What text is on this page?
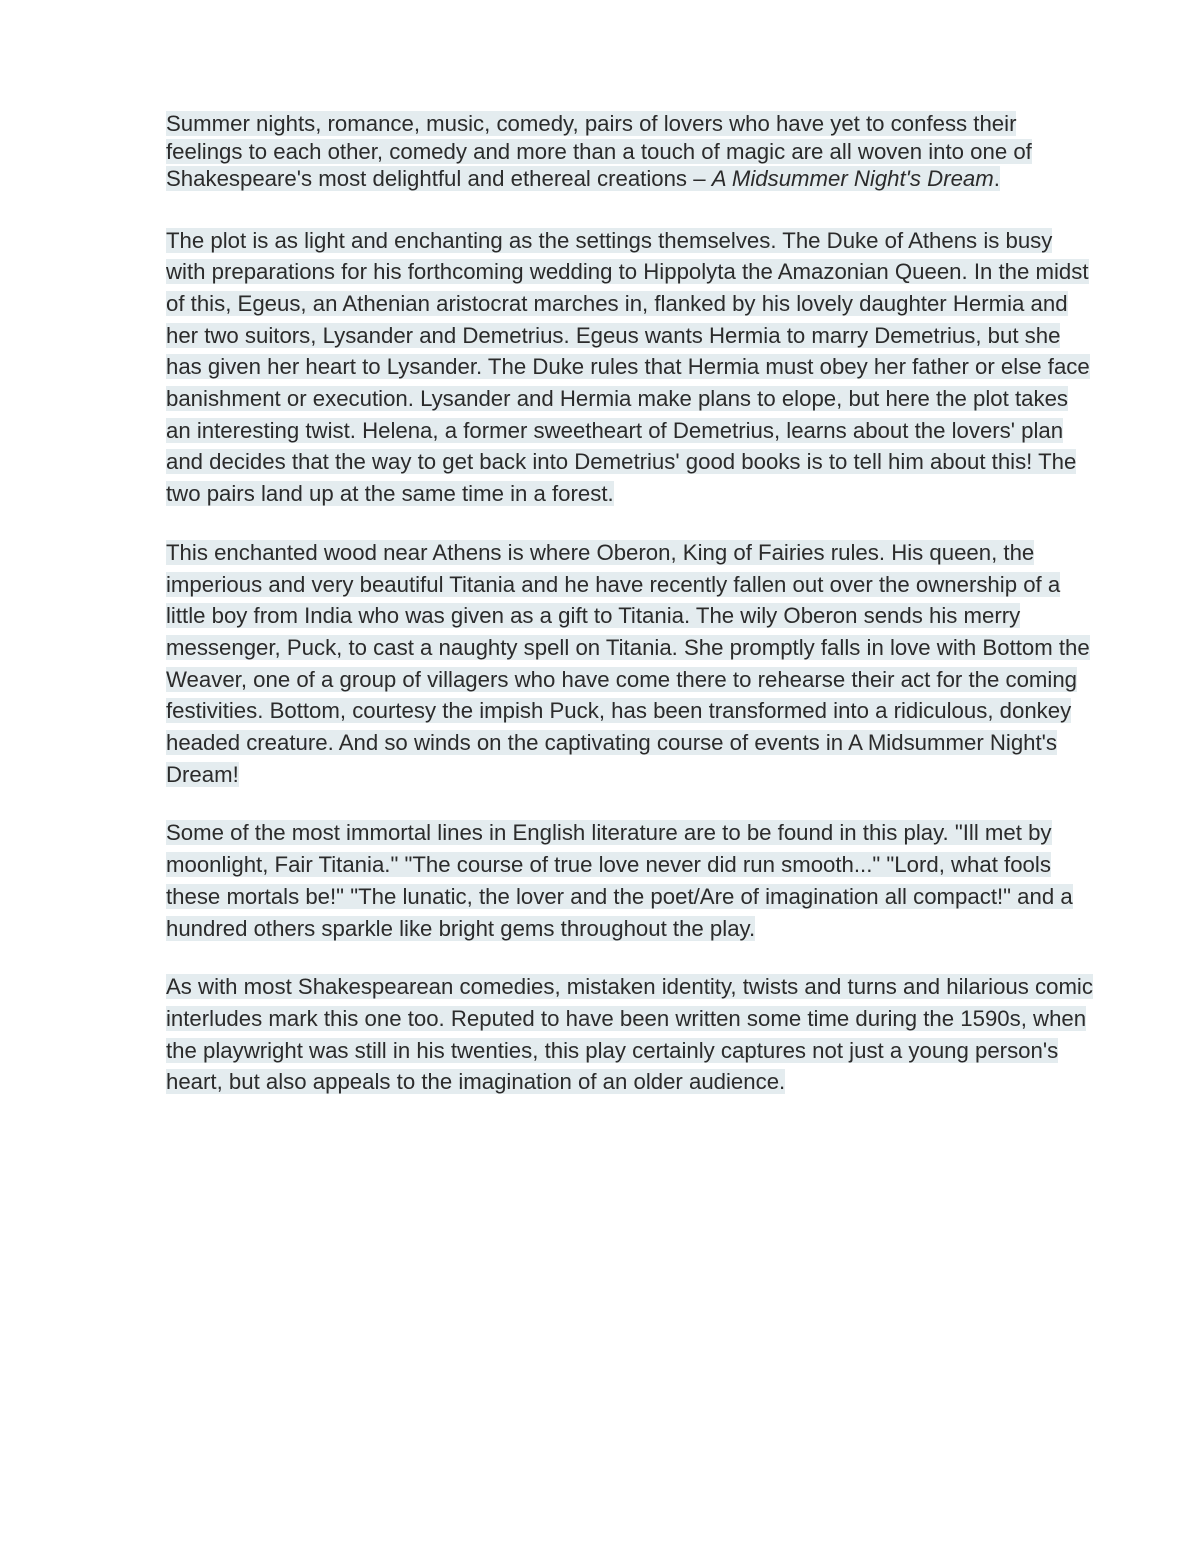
Summer nights, romance, music, comedy, pairs of lovers who have yet to confess their feelings to each other, comedy and more than a touch of magic are all woven into one of Shakespeare's most delightful and ethereal creations – A Midsummer Night's Dream.

The plot is as light and enchanting as the settings themselves. The Duke of Athens is busy with preparations for his forthcoming wedding to Hippolyta the Amazonian Queen. In the midst of this, Egeus, an Athenian aristocrat marches in, flanked by his lovely daughter Hermia and her two suitors, Lysander and Demetrius. Egeus wants Hermia to marry Demetrius, but she has given her heart to Lysander. The Duke rules that Hermia must obey her father or else face banishment or execution. Lysander and Hermia make plans to elope, but here the plot takes an interesting twist. Helena, a former sweetheart of Demetrius, learns about the lovers' plan and decides that the way to get back into Demetrius' good books is to tell him about this! The two pairs land up at the same time in a forest.

This enchanted wood near Athens is where Oberon, King of Fairies rules. His queen, the imperious and very beautiful Titania and he have recently fallen out over the ownership of a little boy from India who was given as a gift to Titania. The wily Oberon sends his merry messenger, Puck, to cast a naughty spell on Titania. She promptly falls in love with Bottom the Weaver, one of a group of villagers who have come there to rehearse their act for the coming festivities. Bottom, courtesy the impish Puck, has been transformed into a ridiculous, donkey headed creature. And so winds on the captivating course of events in A Midsummer Night's Dream!

Some of the most immortal lines in English literature are to be found in this play. "Ill met by moonlight, Fair Titania." "The course of true love never did run smooth..." "Lord, what fools these mortals be!" "The lunatic, the lover and the poet/Are of imagination all compact!" and a hundred others sparkle like bright gems throughout the play.

As with most Shakespearean comedies, mistaken identity, twists and turns and hilarious comic interludes mark this one too. Reputed to have been written some time during the 1590s, when the playwright was still in his twenties, this play certainly captures not just a young person's heart, but also appeals to the imagination of an older audience.
